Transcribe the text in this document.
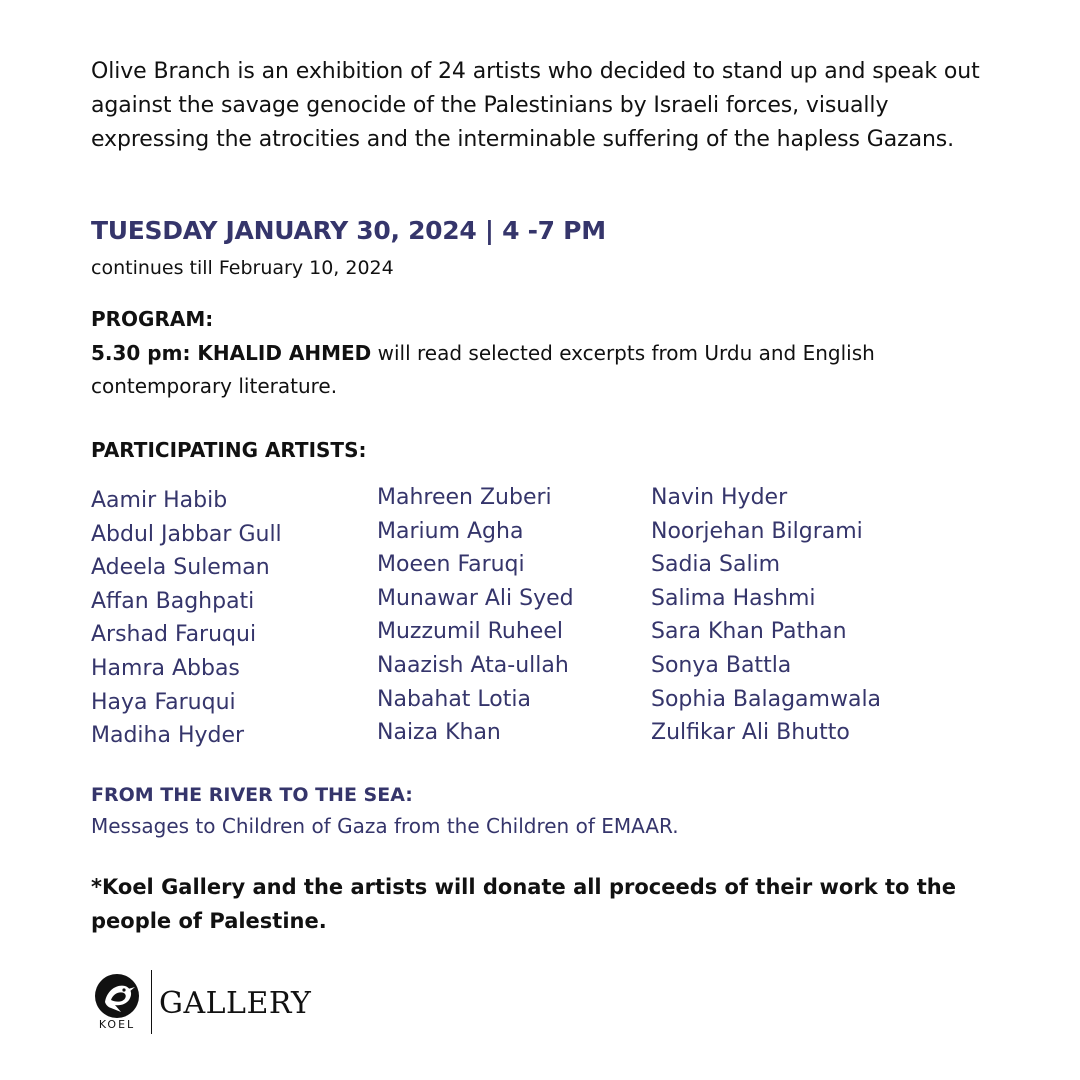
Olive Branch is an exhibition of 24 artists who decided to stand up and speak out against the savage genocide of the Palestinians by Israeli forces, visually expressing the atrocities and the interminable suffering of the hapless Gazans.

TUESDAY JANUARY 30, 2024 | 4 -7 PM
continues till February 10, 2024
PROGRAM:
5.30 pm: KHALID AHMED will read selected excerpts from Urdu and English contemporary literature.
PARTICIPATING ARTISTS:
Aamir Habib
Abdul Jabbar Gull
Adeela Suleman
Affan Baghpati
Arshad Faruqui
Hamra Abbas
Haya Faruqui
Madiha Hyder
Mahreen Zuberi
Marium Agha
Moeen Faruqi
Munawar Ali Syed
Muzzumil Ruheel
Naazish Ata-ullah
Nabahat Lotia
Naiza Khan
Navin Hyder
Noorjehan Bilgrami
Sadia Salim
Salima Hashmi
Sara Khan Pathan
Sonya Battla
Sophia Balagamwala
Zulfikar Ali Bhutto
FROM THE RIVER TO THE SEA:
Messages to Children of Gaza from the Children of EMAAR.

*Koel Gallery and the artists will donate all proceeds of their work to the people of Palestine.

KOEL
GALLERY
